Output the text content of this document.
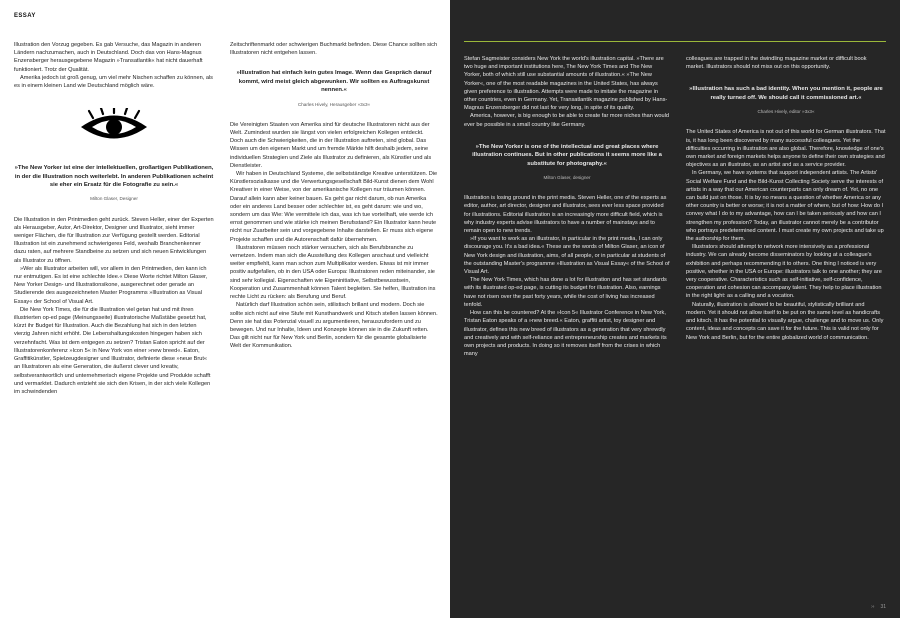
ESSAY

Illustration den Vorzug gegeben. Es gab Versuche, das Magazin in anderen Ländern nachzumachen, auch in Deutschland. Doch das von Hans-Magnus Enzensberger herausgegebene Magazin »Transatlantik« hat nicht dauerhaft funktioniert. Trotz der Qualität.

Amerika jedoch ist groß genug, um viel mehr Nischen schaffen zu können, als es in einem kleinen Land wie Deutschland möglich wäre.

»The New Yorker ist eine der intellektuellen, großartigen Publikationen, in der die Illustration noch weiterlebt. In anderen Publikationen scheint sie eher ein Ersatz für die Fotografie zu sein.«

Milton Glaser, Designer

Die Illustration in den Printmedien geht zurück. Steven Heller, einer der Experten als Herausgeber, Autor, Art-Direktor, Designer und Illustrator, sieht immer weniger Flächen, die für Illustration zur Verfügung gestellt werden. Editorial Illustration ist ein zunehmend schwierigeres Feld, weshalb Branchenkenner dazu raten, auf mehrere Standbeine zu setzen und sich neuen Entwicklungen als Illustrator zu öffnen.

»Wer als Illustrator arbeiten will, vor allem in den Printmedien, den kann ich nur entmutigen. Es ist eine schlechte Idee.« Diese Worte richtet Milton Glaser, New Yorker Design- und Illustrationsikone, ausgerechnet oder gerade an Studierende des ausgezeichneten Master Programms »Illustration as Visual Essay« der School of Visual Art.

Die New York Times, die für die Illustration viel getan hat und mit ihren illustrierten op-ed page (Meinungsseite) illustratorische Maßstäbe gesetzt hat, kürzt ihr Budget für Illustration. Auch die Bezahlung hat sich in den letzten vierzig Jahren nicht erhöht. Die Lebenshaltungskosten hingegen haben sich verzehnfacht. Was ist dem entgegen zu setzen? Tristan Eaton spricht auf der Illustratorenkonferenz »Icon 5« in New York von einer »new breed«. Eaton, Graffitikünstler, Spielzeugdesigner und Illustrator, definierte diese »neue Brut« an Illustratoren als eine Generation, die äußerst clever und kreativ, selbstverantwortlich und unternehmerisch eigene Projekte und Produkte schafft und vermarktet. Dadurch entzieht sie sich den Krisen, in der sich viele Kollegen im schwindenden

Zeitschriftenmarkt oder schwierigen Buchmarkt befinden. Diese Chance sollten sich Illustratoren nicht entgehen lassen.

»Illustration hat einfach kein gutes Image. Wenn das Gespräch darauf kommt, wird meist gleich abgewunken. Wir sollten es Auftragskunst nennen.«

Charles Hively, Herausgeber »3x3«

Die Vereinigten Staaten von Amerika sind für deutsche Illustratoren nicht aus der Welt. Zumindest wurden sie längst von vielen erfolgreichen Kollegen entdeckt. Doch auch die Schwierigkeiten, die in der Illustration auftreten, sind global. Das Wissen um den eigenen Markt und um fremde Märkte hilft deshalb jedem, seine individuellen Strategien und Ziele als Illustrator zu definieren, als Künstler und als Dienstleister.

Wir haben in Deutschland Systeme, die selbstständige Kreative unterstützen. Die Künstlersozialkasse und die Verwertungsgesellschaft Bild-Kunst dienen dem Wohl Kreativer in einer Weise, von der amerikanische Kollegen nur träumen können. Darauf allein kann aber keiner bauen. Es geht gar nicht darum, ob nun Amerika oder ein anderes Land besser oder schlechter ist, es geht darum: wie und wo, sondern um das Wie: Wie vermittele ich das, was ich tue vorteilhaft, wie werde ich ernst genommen und wie stärke ich meinen Berufsstand? Ein Illustrator kann heute nicht nur Zuarbeiter sein und vorgegebene Inhalte darstellen. Er muss sich eigene Projekte schaffen und die Autorenschaft dafür übernehmen.

Illustratoren müssen noch stärker versuchen, sich als Berufsbranche zu vernetzen. Indem man sich die Ausstellung des Kollegen anschaut und vielleicht weiter empfiehlt, kann man schon zum Multiplikator werden. Etwas ist mir immer positiv aufgefallen, ob in den USA oder Europa: Illustratoren reden miteinander, sie sind sehr kollegial. Eigenschaften wie Eigeninitiative, Selbstbewusstsein, Kooperation und Zusammenhalt können Talent begleiten. Sie helfen, Illustration ins rechte Licht zu rücken: als Berufung und Beruf.

Natürlich darf Illustration schön sein, stilistisch brillant und modern. Doch sie sollte sich nicht auf eine Stufe mit Kunsthandwerk und Kitsch stellen lassen können. Denn sie hat das Potenzial visuell zu argumentieren, herauszufordern und zu bewegen. Und nur Inhalte, Ideen und Konzepte können sie in die Zukunft retten. Das gilt nicht nur für New York und Berlin, sondern für die gesamte globalisierte Welt der Kommunikation.

Stefan Sagmeister considers New York the world's illustration capital. »There are two huge and important institutions here, The New York Times and The New Yorker, both of which still use substantial amounts of illustration.« »The New Yorker«, one of the most readable magazines in the United States, has always given preference to illustration. Attempts were made to imitate the magazine in other countries, even in Germany. Yet, Transatlantik magazine published by Hans-Magnus Enzensberger did not last for very long, in spite of its quality.

America, however, is big enough to be able to create far more niches than would ever be possible in a small country like Germany.

»The New Yorker is one of the intellectual and great places where illustration continues. But in other publications it seems more like a substitute for photography.«

Milton Glaser, designer

Illustration is losing ground in the print media. Steven Heller, one of the experts as editor, author, art director, designer and illustrator, sees ever less space provided for illustrations. Editorial illustration is an increasingly more difficult field, which is why industry experts advise illustrators to have a number of mainstays and to remain open to new trends.

»If you want to work as an illustrator, in particular in the print media, I can only discourage you. It's a bad idea.« These are the words of Milton Glaser, an icon of New York design and illustration, aims, of all people, or in particular at students of the outstanding Master's programme »Illustration as Visual Essay« of the School of Visual Art.

The New York Times, which has done a lot for illustration and has set standards with its illustrated op-ed page, is cutting its budget for illustration. Also, earnings have not risen over the past forty years, while the cost of living has increased tenfold.

How can this be countered? At the »Icon 5« Illustrator Conference in New York, Tristan Eaton speaks of a »new breed.« Eaton, graffiti artist, toy designer and illustrator, defines this new breed of illustrators as a generation that very shrewdly and creatively and with self-reliance and entrepreneurship creates and markets its own projects and products. In doing so it removes itself from the crises in which many

colleagues are trapped in the dwindling magazine market or difficult book market. Illustrators should not miss out on this opportunity.

»Illustration has such a bad identity. When you mention it, people are really turned off. We should call it commissioned art.«

Charles Hively, editor »3x3«

The United States of America is not out of this world for German illustrators. That is, it has long been discovered by many successful colleagues. Yet the difficulties occurring in illustration are also global. Therefore, knowledge of one's own market and foreign markets helps anyone to define their own strategies and objectives as an illustrator, as an artist and as a service provider.

In Germany, we have systems that support independent artists. The Artists' Social Welfare Fund and the Bild-Kunst Collecting Society serve the interests of artists in a way that our American counterparts can only dream of. Yet, no one can build just on those. It is by no means a question of whether America or any other country is better or worse; it is not a matter of where, but of how: How do I convey what I do to my advantage, how can I be taken seriously and how can I strengthen my profession? Today, an illustrator cannot merely be a contributor who portrays predetermined content. I must create my own projects and take up the authorship for them.

Illustrators should attempt to network more intensively as a professional industry. We can already become disseminators by looking at a colleague's exhibition and perhaps recommending it to others. One thing I noticed is very positive, whether in the USA or Europe: illustrators talk to one another; they are very cooperative. Characteristics such as self-initiative, self-confidence, cooperation and cohesion can accompany talent. They help to place illustration in the right light: as a calling and a vocation.

Naturally, illustration is allowed to be beautiful, stylistically brilliant and modern. Yet it should not allow itself to be put on the same level as handicrafts and kitsch. It has the potential to visually argue, challenge and to move us. Only content, ideas and concepts can save it for the future. This is valid not only for New York and Berlin, but for the entire globalized world of communication.

›› 31
